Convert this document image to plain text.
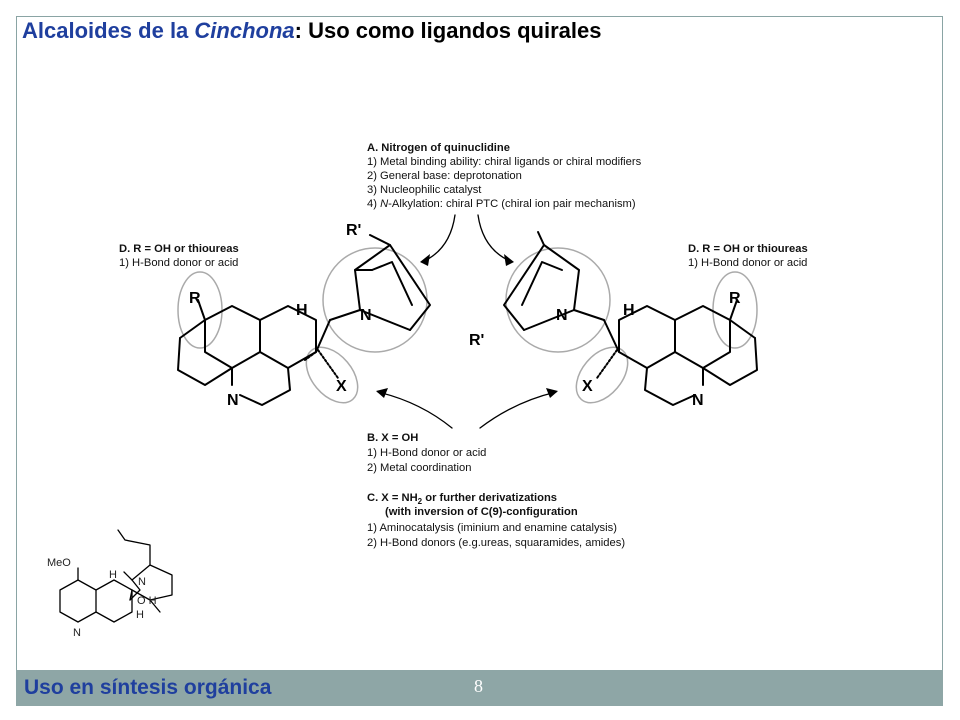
Alcaloides de la Cinchona: Uso como ligandos quirales
R'
H	N
R
N
X
R'
H
N
R
N
X
MeO
H
N
O H
H
N
A. Nitrogen of quinuclidine
1) Metal binding ability: chiral ligands or chiral modifiers
2) General base: deprotonation
3) Nucleophilic catalyst
4) N-Alkylation: chiral PTC (chiral ion pair mechanism)
D. R = OH or thioureas
1) H-Bond donor or acid
D. R = OH or thioureas
1) H-Bond donor or acid
B. X = OH
1) H-Bond donor or acid
2) Metal coordination
C. $X = NH_2$ or further derivatizations
(with inversion of C(9)-configuration
1) Aminocatalysis (iminium and enamine catalysis)
2) H-Bond donors (e.g.ureas, squaramides, amides)
Uso en síntesis orgánica	8
